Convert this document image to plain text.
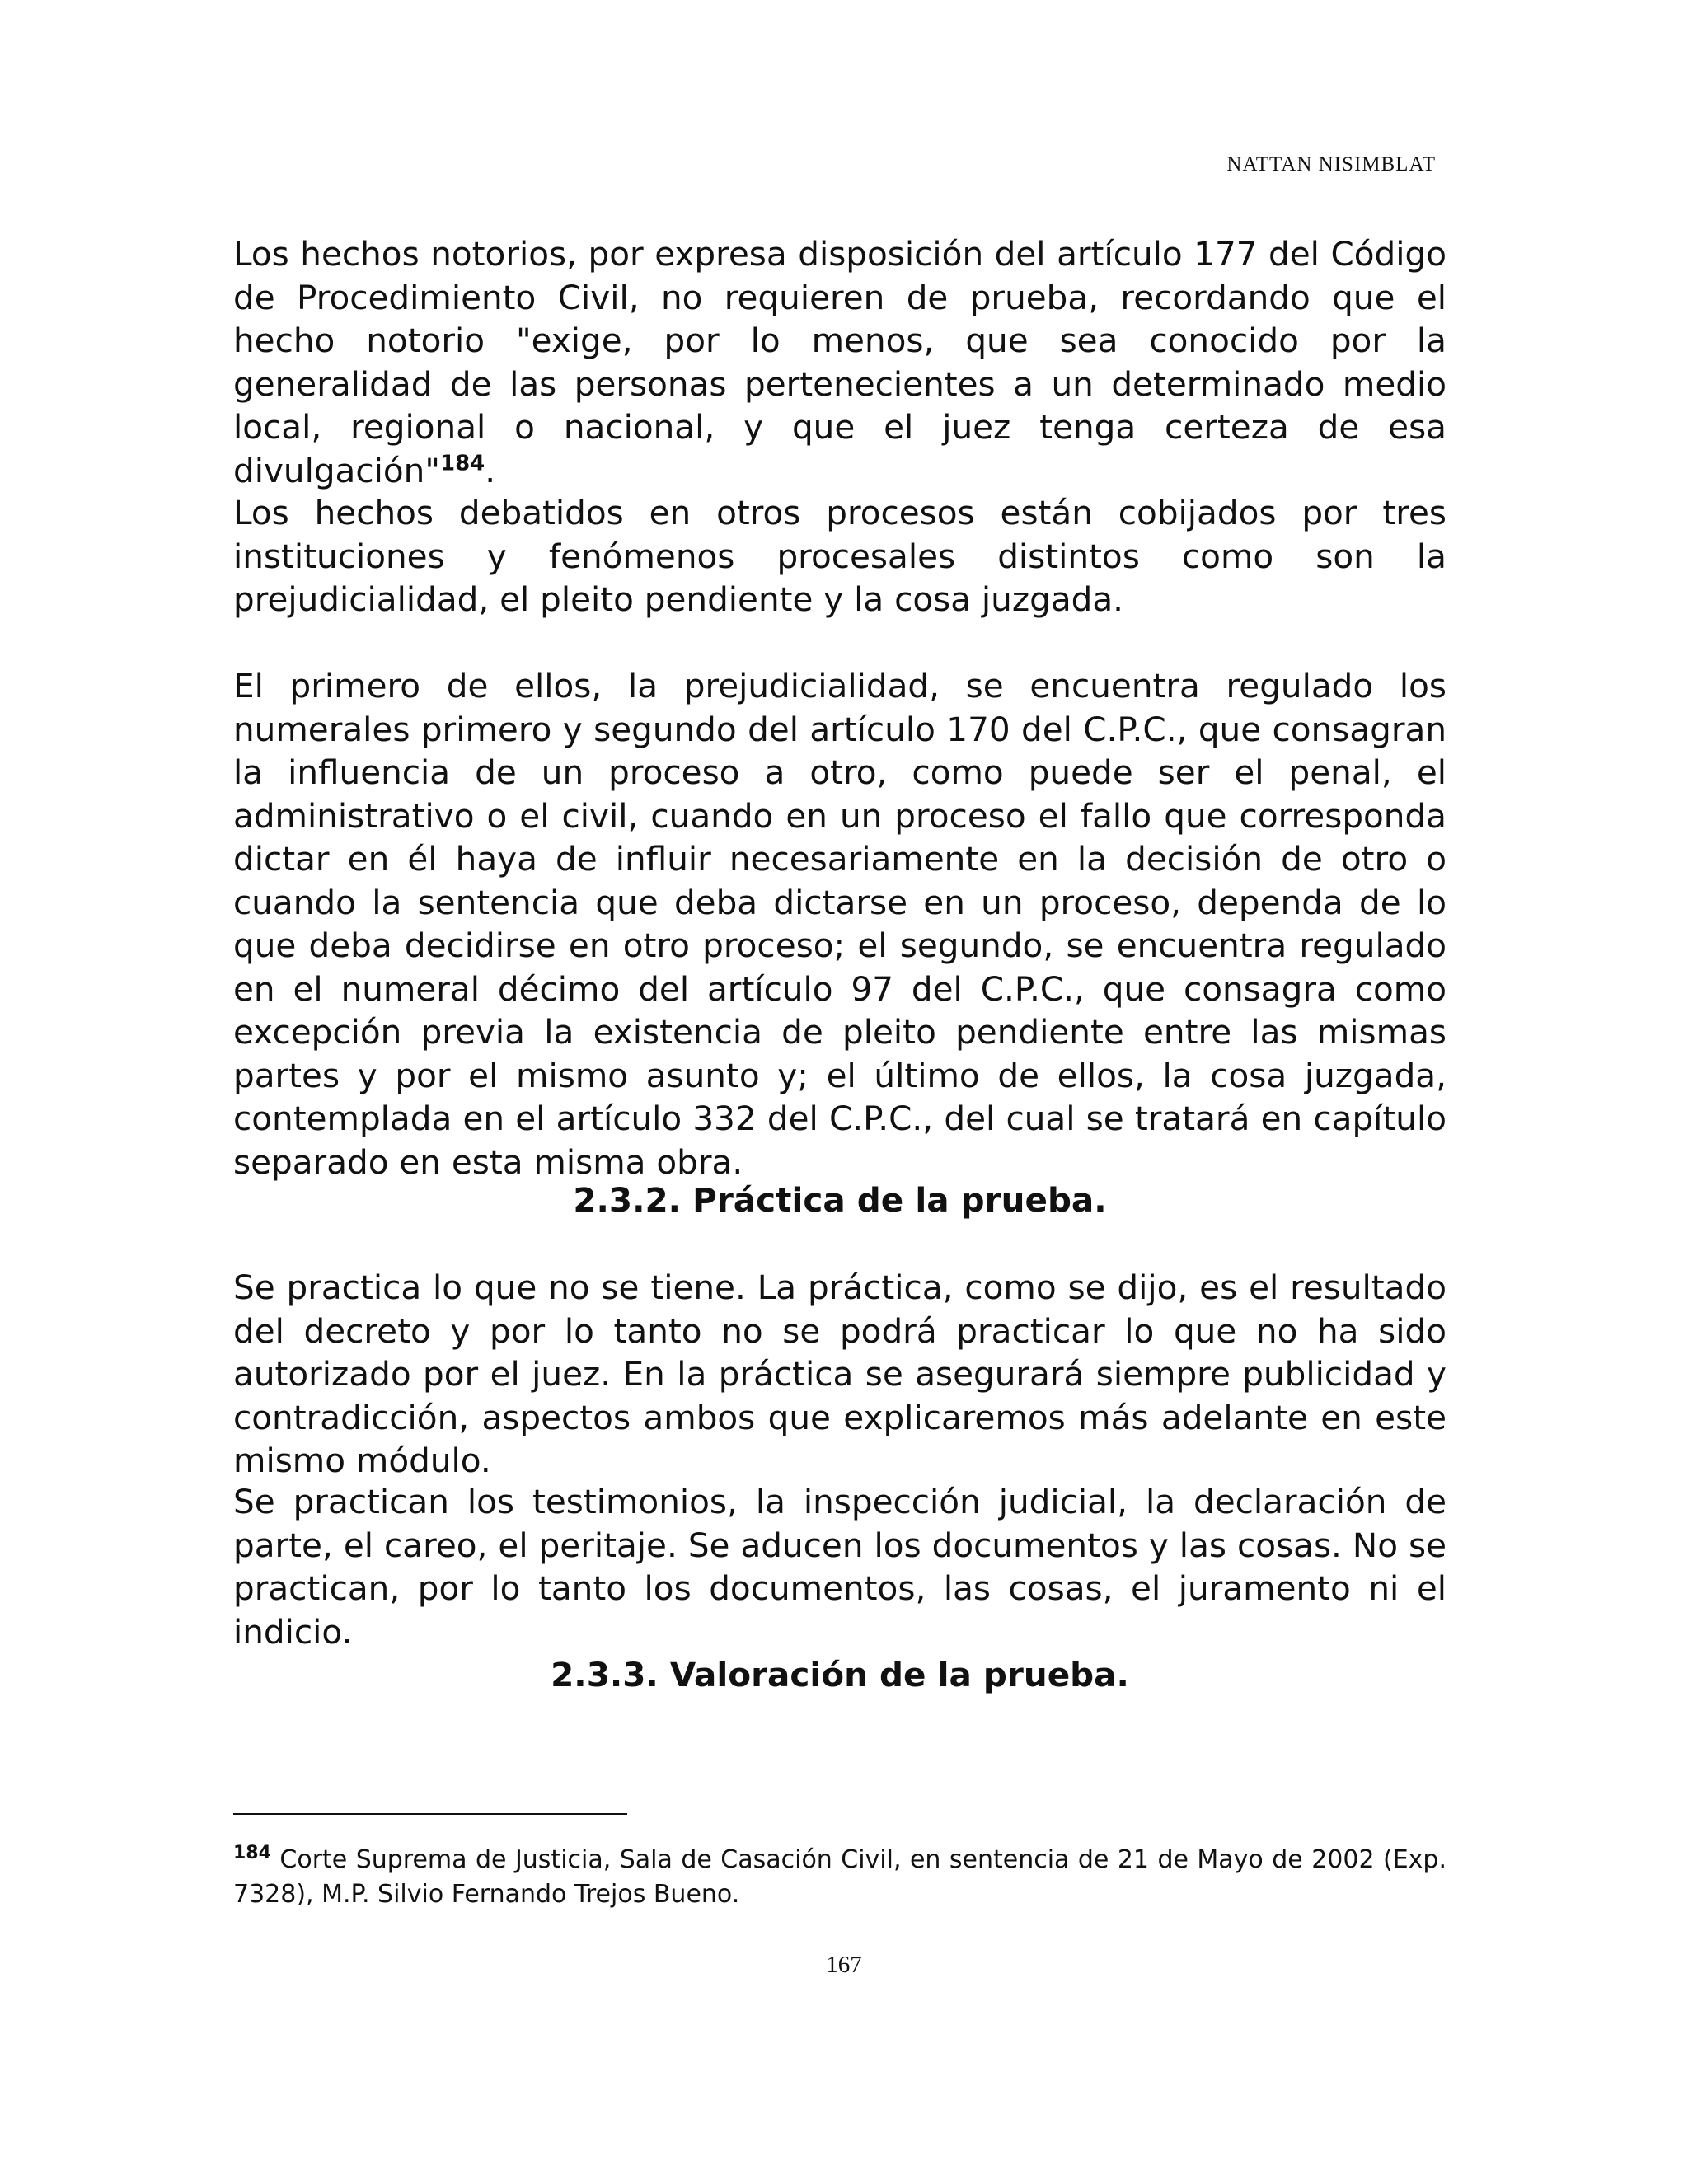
NATTAN NISIMBLAT

Los hechos notorios, por expresa disposición del artículo 177 del Código de Procedimiento Civil, no requieren de prueba, recordando que el hecho notorio "exige, por lo menos, que sea conocido por la generalidad de las personas pertenecientes a un determinado medio local, regional o nacional, y que el juez tenga certeza de esa divulgación"$^{184}$.

Los hechos debatidos en otros procesos están cobijados por tres instituciones y fenómenos procesales distintos como son la prejudicialidad, el pleito pendiente y la cosa juzgada.

El primero de ellos, la prejudicialidad, se encuentra regulado los numerales primero y segundo del artículo 170 del C.P.C., que consagran la influencia de un proceso a otro, como puede ser el penal, el administrativo o el civil, cuando en un proceso el fallo que corresponda dictar en él haya de influir necesariamente en la decisión de otro o cuando la sentencia que deba dictarse en un proceso, dependa de lo que deba decidirse en otro proceso; el segundo, se encuentra regulado en el numeral décimo del artículo 97 del C.P.C., que consagra como excepción previa la existencia de pleito pendiente entre las mismas partes y por el mismo asunto y; el último de ellos, la cosa juzgada, contemplada en el artículo 332 del C.P.C., del cual se tratará en capítulo separado en esta misma obra.

2.3.2. Práctica de la prueba.

Se practica lo que no se tiene. La práctica, como se dijo, es el resultado del decreto y por lo tanto no se podrá practicar lo que no ha sido autorizado por el juez. En la práctica se asegurará siempre publicidad y contradicción, aspectos ambos que explicaremos más adelante en este mismo módulo.

Se practican los testimonios, la inspección judicial, la declaración de parte, el careo, el peritaje. Se aducen los documentos y las cosas. No se practican, por lo tanto los documentos, las cosas, el juramento ni el indicio.

2.3.3. Valoración de la prueba.

$^{184}$ Corte Suprema de Justicia, Sala de Casación Civil, en sentencia de 21 de Mayo de 2002 (Exp. 7328), M.P. Silvio Fernando Trejos Bueno.

167
